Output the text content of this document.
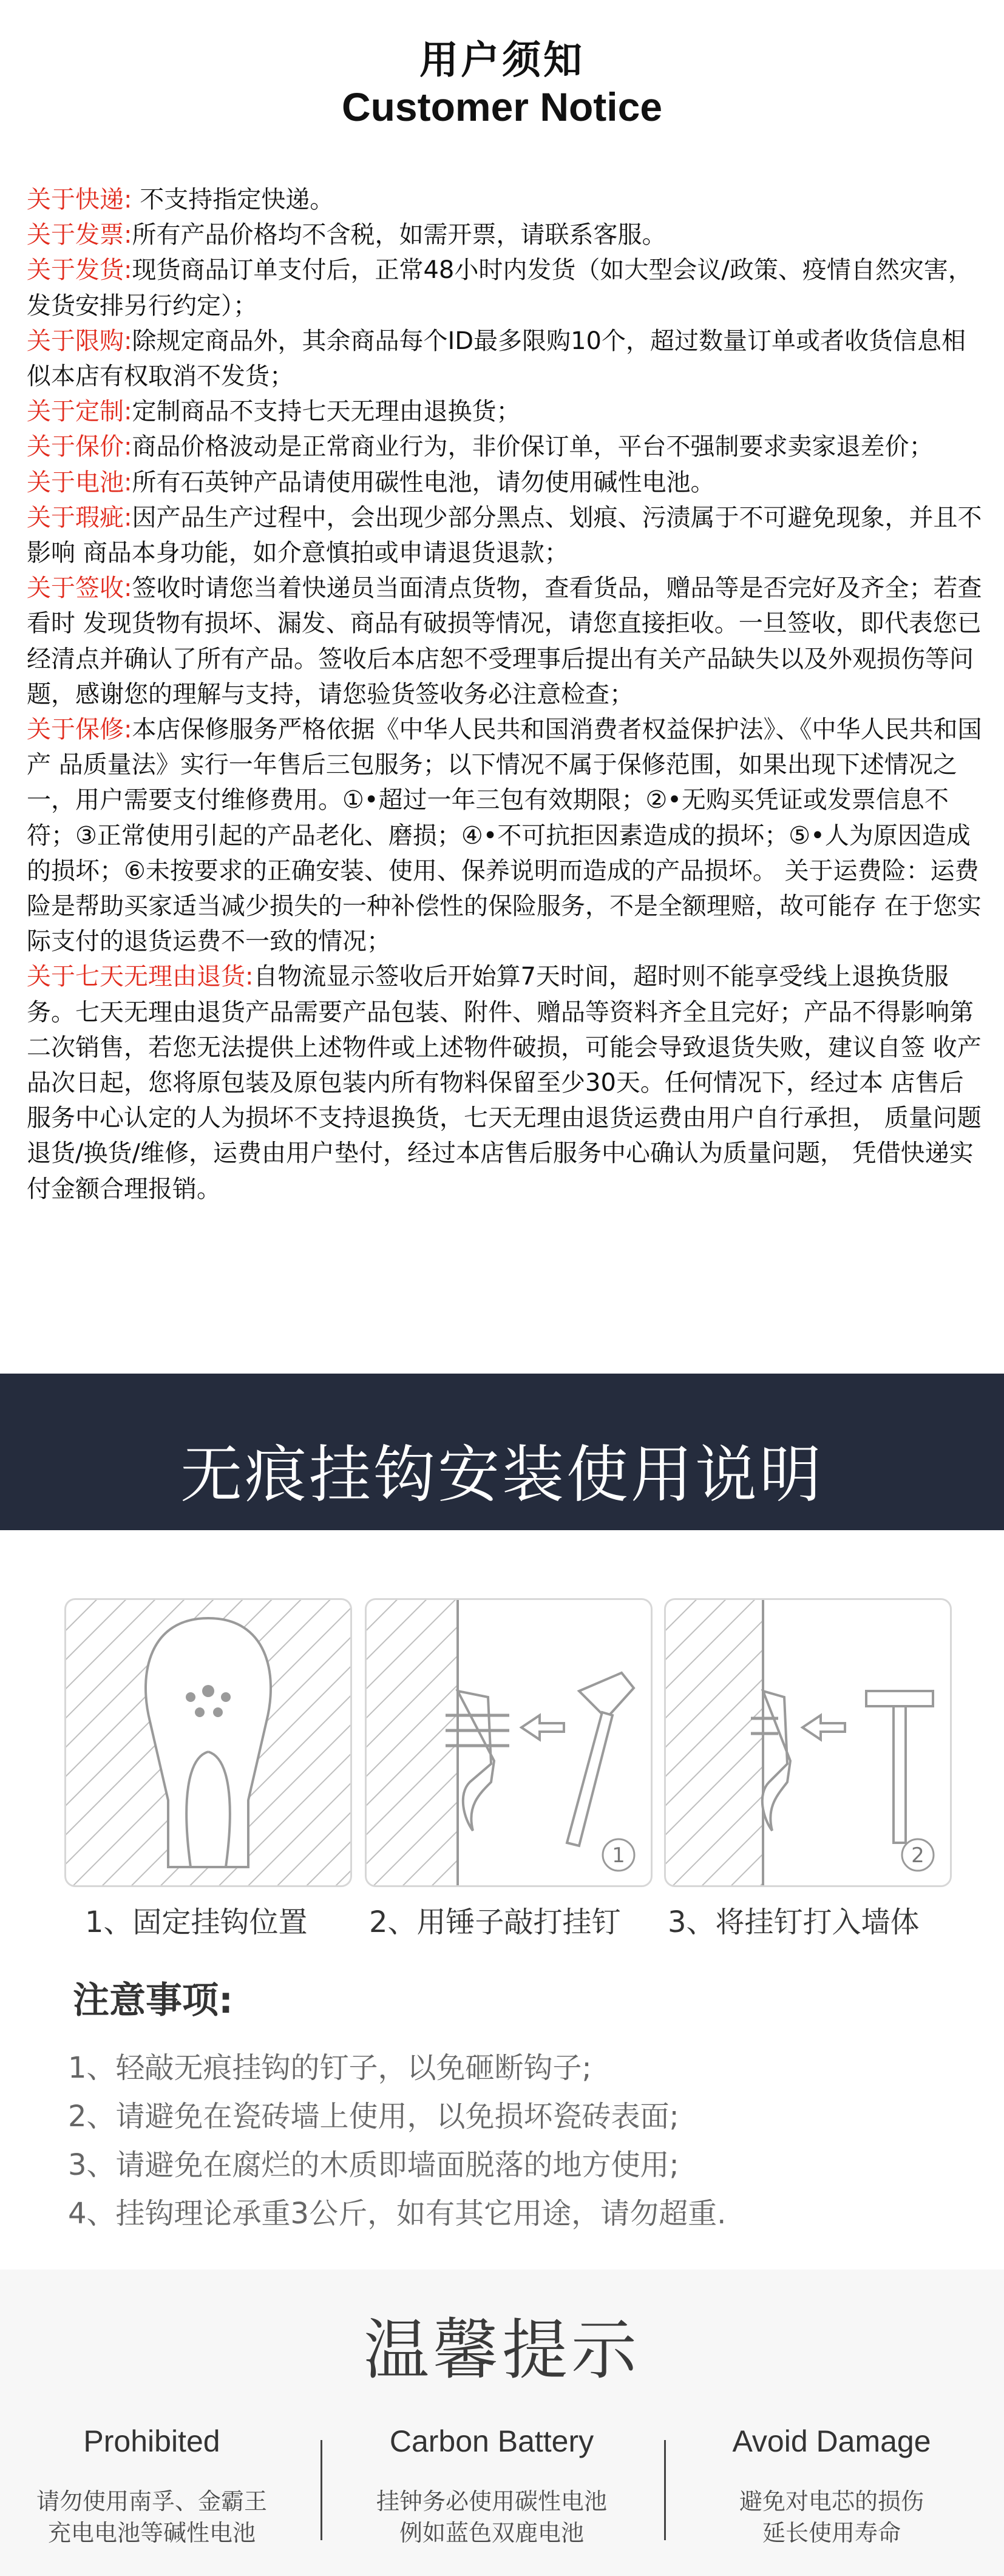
用户须知
Customer Notice

关于快递: 不支持指定快递。

关于发票:所有产品价格均不含税，如需开票，请联系客服。

关于发货:现货商品订单支付后，正常48小时内发货（如大型会议/政策、疫情自然灾害，发货安排另行约定）；

关于限购:除规定商品外，其余商品每个ID最多限购10个，超过数量订单或者收货信息相似本店有权取消不发货；

关于定制:定制商品不支持七天无理由退换货；

关于保价:商品价格波动是正常商业行为，非价保订单，平台不强制要求卖家退差价；

关于电池:所有石英钟产品请使用碳性电池，请勿使用碱性电池。

关于瑕疵:因产品生产过程中，会出现少部分黑点、划痕、污渍属于不可避免现象，并且不影响 商品本身功能，如介意慎拍或申请退货退款；

关于签收:签收时请您当着快递员当面清点货物，查看货品，赠品等是否完好及齐全；若查看时 发现货物有损坏、漏发、商品有破损等情况，请您直接拒收。一旦签收，即代表您已经清点并确认了所有产品。签收后本店恕不受理事后提出有关产品缺失以及外观损伤等问题，感谢您的理解与支持，请您验货签收务必注意检查；

关于保修:本店保修服务严格依据《中华人民共和国消费者权益保护法》、《中华人民共和国产 品质量法》实行一年售后三包服务；以下情况不属于保修范围，如果出现下述情况之一，用户需要支付维修费用。①•超过一年三包有效期限；②•无购买凭证或发票信息不符；③正常使用引起的产品老化、磨损；④•不可抗拒因素造成的损坏；⑤•人为原因造成的损坏；⑥未按要求的正确安装、使用、保养说明而造成的产品损坏。 关于运费险：运费险是帮助买家适当减少损失的一种补偿性的保险服务，不是全额理赔，故可能存 在于您实际支付的退货运费不一致的情况；

关于七天无理由退货:自物流显示签收后开始算7天时间，超时则不能享受线上退换货服务。七天无理由退货产品需要产品包装、附件、赠品等资料齐全且完好；产品不得影响第 二次销售，若您无法提供上述物件或上述物件破损，可能会导致退货失败，建议自签 收产品次日起，您将原包装及原包装内所有物料保留至少30天。任何情况下，经过本 店售后服务中心认定的人为损坏不支持退换货，七天无理由退货运费由用户自行承担， 质量问题退货/换货/维修，运费由用户垫付，经过本店售后服务中心确认为质量问题， 凭借快递实付金额合理报销。

无痕挂钩安装使用说明
1	2
1、固定挂钩位置 2、用锤子敲打挂钉 3、将挂钉打入墙体
注意事项:
1、轻敲无痕挂钩的钉子，以免砸断钩子;
2、请避免在瓷砖墙上使用，以免损坏瓷砖表面;
3、请避免在腐烂的木质即墙面脱落的地方使用;
4、挂钩理论承重3公斤，如有其它用途，请勿超重.
温馨提示
Prohibited
请勿使用南孚、金霸王
充电电池等碱性电池
Carbon Battery
挂钟务必使用碳性电池
例如蓝色双鹿电池
Avoid Damage
避免对电芯的损伤
延长使用寿命
